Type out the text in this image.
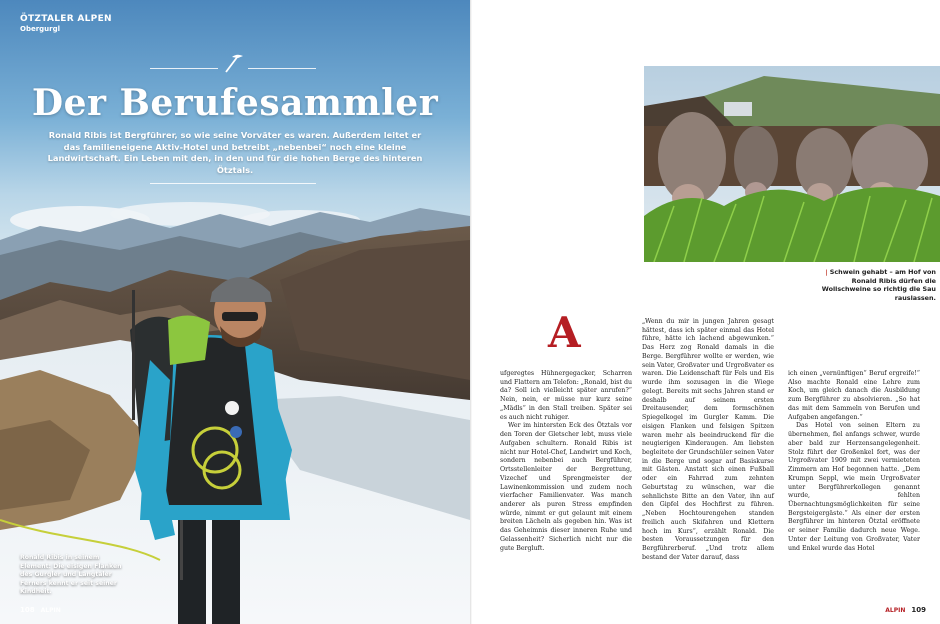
ÖTZTALER ALPEN
Obergurgl
Der Berufesammler
Ronald Ribis ist Bergführer, so wie seine Vorväter es waren. Außerdem leitet er das familieneigene Aktiv-Hotel und betreibt „nebenbei“ noch eine kleine Landwirtschaft. Ein Leben mit den, in den und für die hohen Berge des hinteren Ötztals.
Ronald Ribis in seinem Element: Die eisigen Flanken des Gurgler und Langtaler Ferners kennt er seit seiner Kindheit.
108 ALPIN
| Schwein gehabt – am Hof von Ronald Ribis dürfen die Wollschweine so richtig die Sau rauslassen.
A

ufgeregtes Hühnergegacker, Scharren und Flattern am Telefon: „Ronald, bist du da? Soll ich vielleicht später anrufen?“ Nein, nein, er müsse nur kurz seine „Mädls“ in den Stall treiben. Später sei es auch nicht ruhiger.

Wer im hintersten Eck des Ötztals vor den Toren der Gletscher lebt, muss viele Aufgaben schultern. Ronald Ribis ist nicht nur Hotel-Chef, Landwirt und Koch, sondern nebenbei auch Bergführer, Ortsstellenleiter der Bergrettung, Vizechef und Sprengmeister der Lawinenkommission und zudem noch vierfacher Familienvater. Was manch anderer als puren Stress empfinden würde, nimmt er gut gelaunt mit einem breiten Lächeln als gegeben hin. Was ist das Geheimnis dieser inneren Ruhe und Gelassenheit? Sicherlich nicht nur die gute Bergluft.

„Wenn du mir in jungen Jahren gesagt hättest, dass ich später einmal das Hotel führe, hätte ich lachend abgewunken.“ Das Herz zog Ronald damals in die Berge. Bergführer wollte er werden, wie sein Vater, Großvater und Urgroßvater es waren. Die Leidenschaft für Fels und Eis wurde ihm sozusagen in die Wiege gelegt. Bereits mit sechs Jahren stand er deshalb auf seinem ersten Dreitausender, dem formschönen Spiegelkogel im Gurgler Kamm. Die eisigen Flanken und felsigen Spitzen waren mehr als beeindruckend für die neugierigen Kinderaugen. Am liebsten begleitete der Grundschüler seinen Vater in die Berge und sogar auf Basiskurse mit Gästen. Anstatt sich einen Fußball oder ein Fahrrad zum zehnten Geburtstag zu wünschen, war die sehnlichste Bitte an den Vater, ihn auf den Gipfel des Hochfirst zu führen. „Neben Hochtourengehen standen freilich auch Skifahren und Klettern hoch im Kurs“, erzählt Ronald. Die besten Voraussetzungen für den Bergführerberuf. „Und trotz allem bestand der Vater darauf, dass

ich einen „vernünftigen“ Beruf ergreife!“ Also machte Ronald eine Lehre zum Koch, um gleich danach die Ausbildung zum Bergführer zu absolvieren. „So hat das mit dem Sammeln von Berufen und Aufgaben angefangen.“

Das Hotel von seinen Eltern zu übernehmen, fiel anfangs schwer, wurde aber bald zur Herzensangelegenheit. Stolz führt der Großenkel fort, was der Urgroßvater 1909 mit zwei vermieteten Zimmern am Hof begonnen hatte. „Dem Krumpn Seppl, wie mein Urgroßvater unter Bergführerkollegen genannt wurde, fehlten Übernachtungsmöglichkeiten für seine Bergsteigergäste.“ Als einer der ersten Bergführer im hinteren Ötztal eröffnete er seiner Familie dadurch neue Wege. Unter der Leitung von Großvater, Vater und Enkel wurde das Hotel

ALPIN 109
